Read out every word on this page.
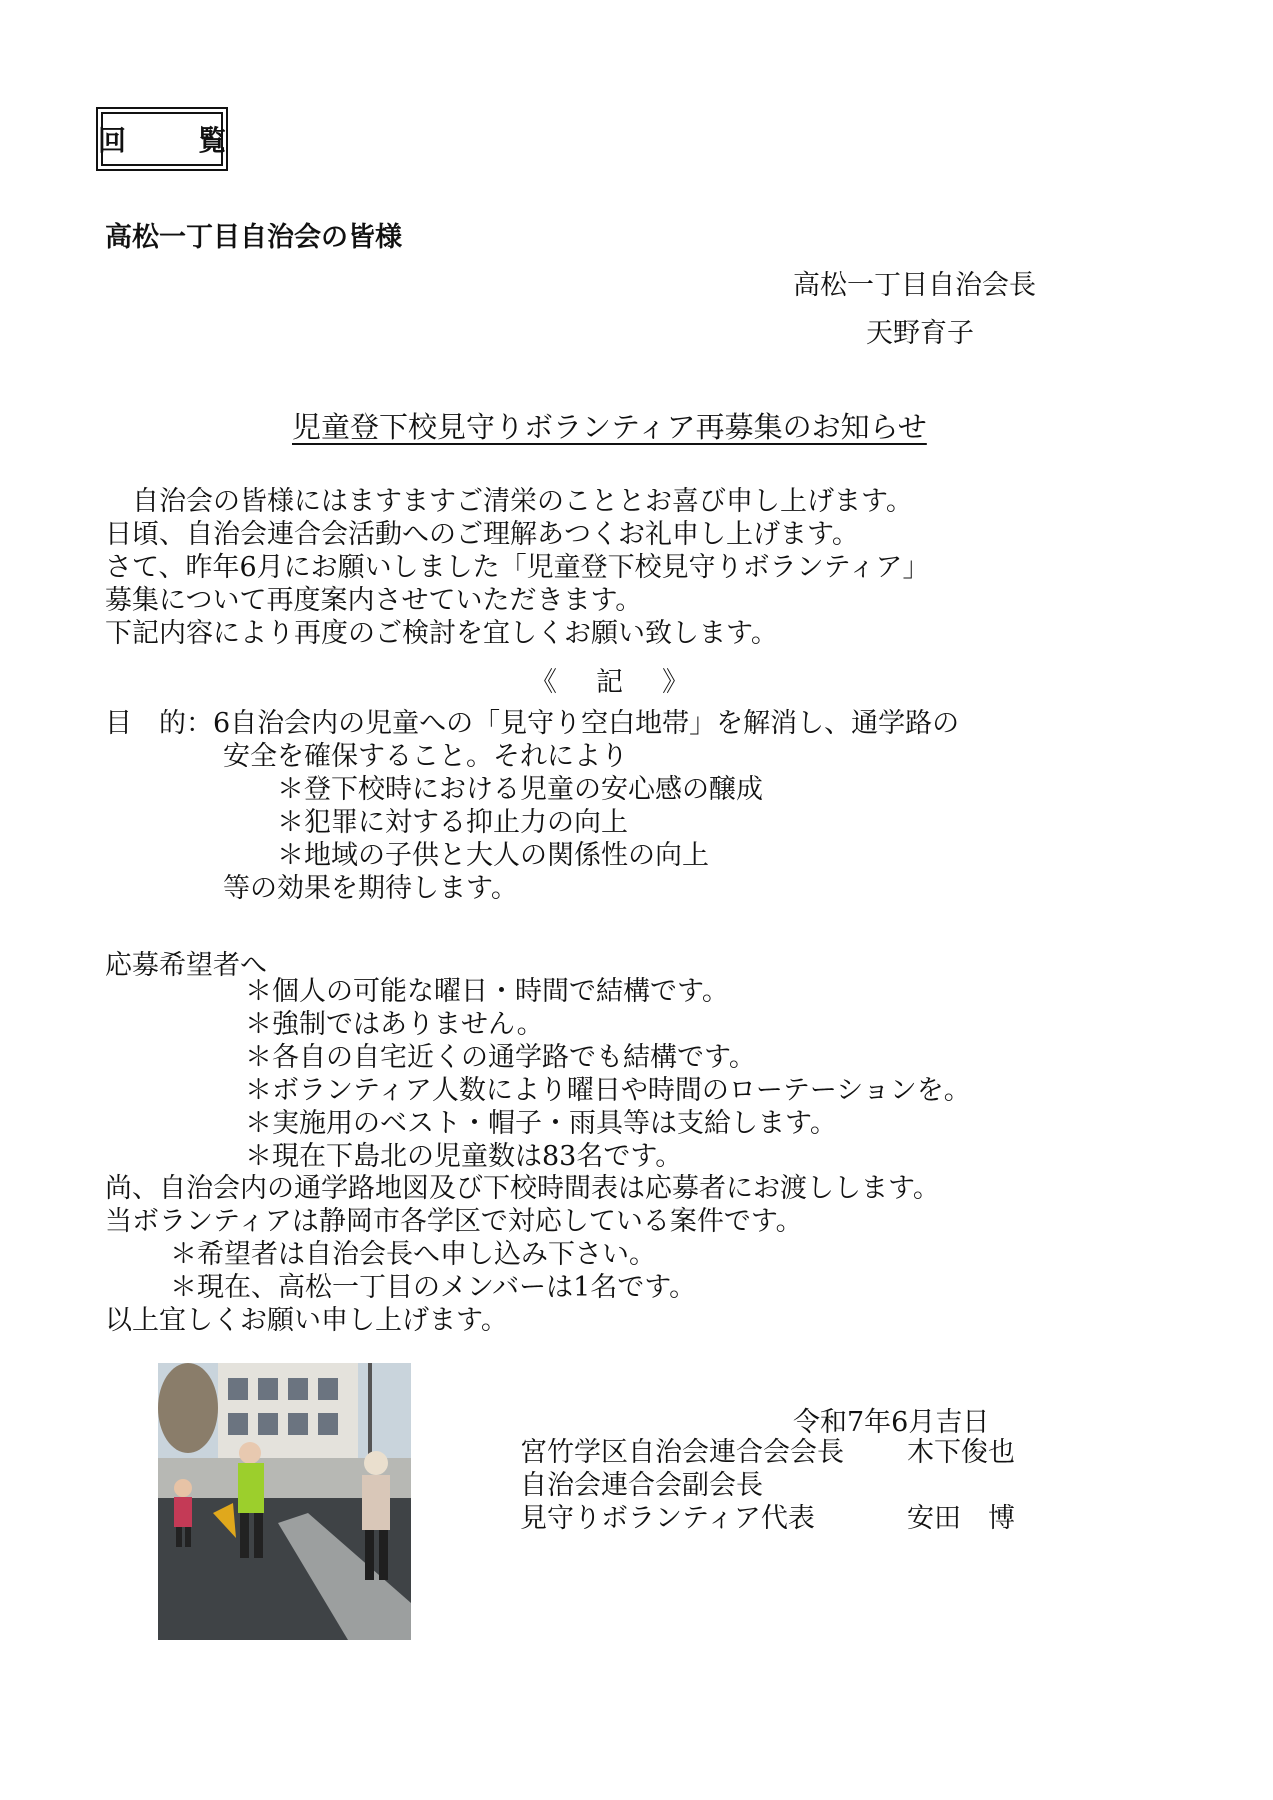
回　覧
高松一丁目自治会の皆様
高松一丁目自治会長
天野育子
児童登下校見守りボランティア再募集のお知らせ
　自治会の皆様にはますますご清栄のこととお喜び申し上げます。
日頃、自治会連合会活動へのご理解あつくお礼申し上げます。
さて、昨年6月にお願いしました「児童登下校見守りボランティア」
募集について再度案内させていただきます。
下記内容により再度のご検討を宜しくお願い致します。
《　記　》
目　的：6自治会内の児童への「見守り空白地帯」を解消し、通学路の
安全を確保すること。それにより
＊登下校時における児童の安心感の醸成
＊犯罪に対する抑止力の向上
＊地域の子供と大人の関係性の向上
等の効果を期待します。
応募希望者へ
＊個人の可能な曜日・時間で結構です。
＊強制ではありません。
＊各自の自宅近くの通学路でも結構です。
＊ボランティア人数により曜日や時間のローテーションを。
＊実施用のベスト・帽子・雨具等は支給します。
＊現在下島北の児童数は83名です。
尚、自治会内の通学路地図及び下校時間表は応募者にお渡しします。
当ボランティアは静岡市各学区で対応している案件です。
＊希望者は自治会長へ申し込み下さい。
＊現在、高松一丁目のメンバーは1名です。
以上宜しくお願い申し上げます。
令和7年6月吉日
宮竹学区自治会連合会会長 木下俊也
自治会連合会副会長
見守りボランティア代表	安田　博
